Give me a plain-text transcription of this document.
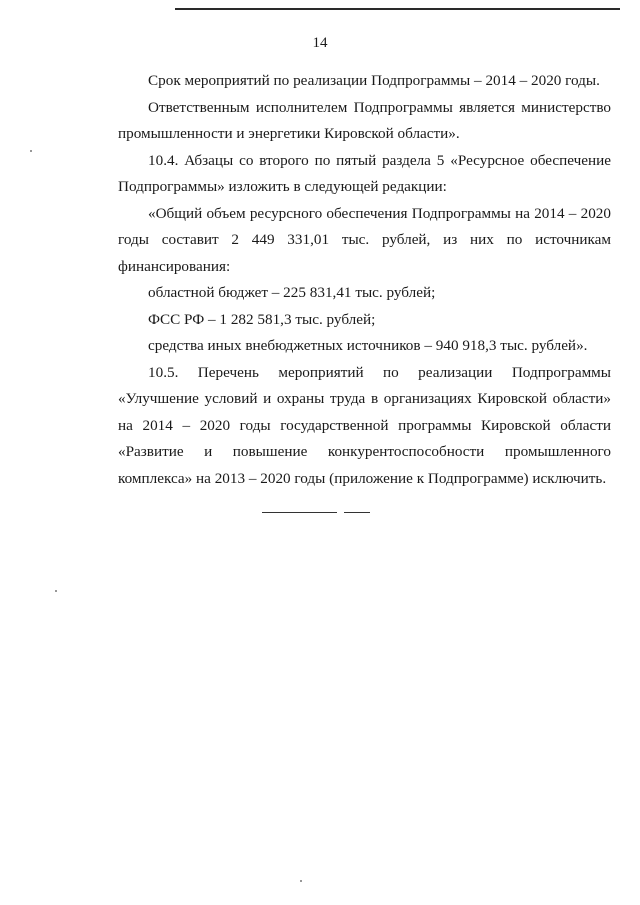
14

Срок мероприятий по реализации Подпрограммы – 2014 – 2020 годы.

Ответственным исполнителем Подпрограммы является министерство промышленности и энергетики Кировской области».

10.4. Абзацы со второго по пятый раздела 5 «Ресурсное обеспечение Подпрограммы» изложить в следующей редакции:

«Общий объем ресурсного обеспечения Подпрограммы на 2014 – 2020 годы составит 2 449 331,01 тыс. рублей, из них по источникам финансирования:

областной бюджет – 225 831,41 тыс. рублей;

ФСС РФ – 1 282 581,3 тыс. рублей;

средства иных внебюджетных источников – 940 918,3 тыс. рублей».

10.5. Перечень мероприятий по реализации Подпрограммы «Улучшение условий и охраны труда в организациях Кировской области» на 2014 – 2020 годы государственной программы Кировской области «Развитие и повышение конкурентоспособности промышленного комплекса» на 2013 – 2020 годы (приложение к Подпрограмме) исключить.
